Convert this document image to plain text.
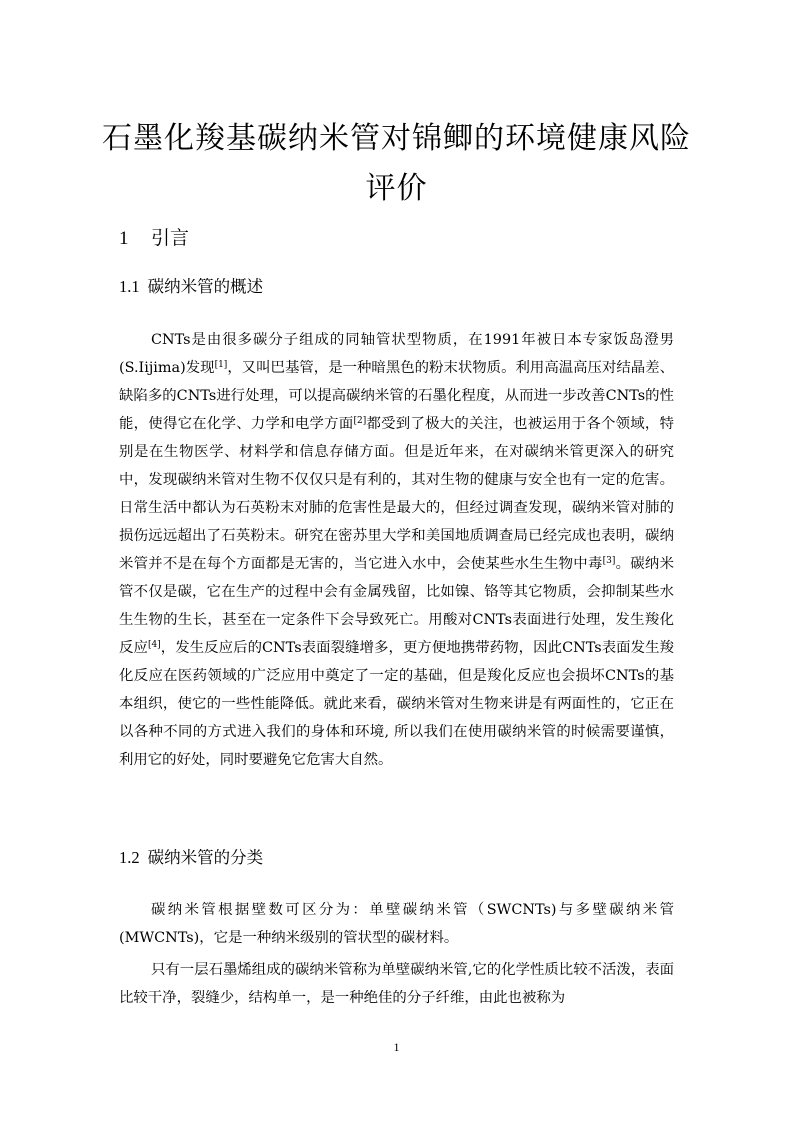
石墨化羧基碳纳米管对锦鲫的环境健康风险评价
1 引言
1.1 碳纳米管的概述

CNTs是由很多碳分子组成的同轴管状型物质，在1991年被日本专家饭岛澄男(S.Iijima)发现[1]，又叫巴基管，是一种暗黑色的粉末状物质。利用高温高压对结晶差、缺陷多的CNTs进行处理，可以提高碳纳米管的石墨化程度，从而进一步改善CNTs的性能，使得它在化学、力学和电学方面[2]都受到了极大的关注，也被运用于各个领域，特别是在生物医学、材料学和信息存储方面。但是近年来，在对碳纳米管更深入的研究中，发现碳纳米管对生物不仅仅只是有利的，其对生物的健康与安全也有一定的危害。日常生活中都认为石英粉末对肺的危害性是最大的，但经过调查发现，碳纳米管对肺的损伤远远超出了石英粉末。研究在密苏里大学和美国地质调查局已经完成也表明，碳纳米管并不是在每个方面都是无害的，当它进入水中，会使某些水生生物中毒[3]。碳纳米管不仅是碳，它在生产的过程中会有金属残留，比如镍、铬等其它物质，会抑制某些水生生物的生长，甚至在一定条件下会导致死亡。用酸对CNTs表面进行处理，发生羧化反应[4]，发生反应后的CNTs表面裂缝增多，更方便地携带药物，因此CNTs表面发生羧化反应在医药领域的广泛应用中奠定了一定的基础，但是羧化反应也会损坏CNTs的基本组织，使它的一些性能降低。就此来看，碳纳米管对生物来讲是有两面性的，它正在以各种不同的方式进入我们的身体和环境, 所以我们在使用碳纳米管的时候需要谨慎，利用它的好处，同时要避免它危害大自然。

1.2 碳纳米管的分类

碳纳米管根据壁数可区分为：单壁碳纳米管（SWCNTs)与多壁碳纳米管(MWCNTs)，它是一种纳米级别的管状型的碳材料。

只有一层石墨烯组成的碳纳米管称为单壁碳纳米管,它的化学性质比较不活泼，表面比较干净，裂缝少，结构单一，是一种绝佳的分子纤维，由此也被称为

1
